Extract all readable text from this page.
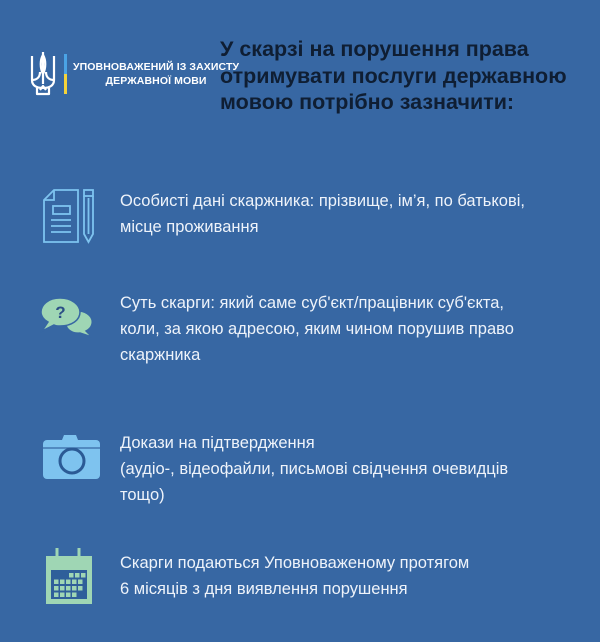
УПОВНОВАЖЕНИЙ ІЗ ЗАХИСТУ
ДЕРЖАВНОЇ МОВИ
У скарзі на порушення права
отримувати послуги державною
мовою потрібно зазначити:
Особисті дані скаржника: прізвище, ім’я, по батькові,
місце проживання
?	Суть скарги: який саме суб'єкт/працівник суб'єкта,
коли, за якою адресою, яким чином порушив право
скаржника
Докази на підтвердження
(аудіо-, відеофайли, письмові свідчення очевидців
тощо)
Скарги подаються Уповноваженому протягом
6 місяців з дня виявлення порушення
